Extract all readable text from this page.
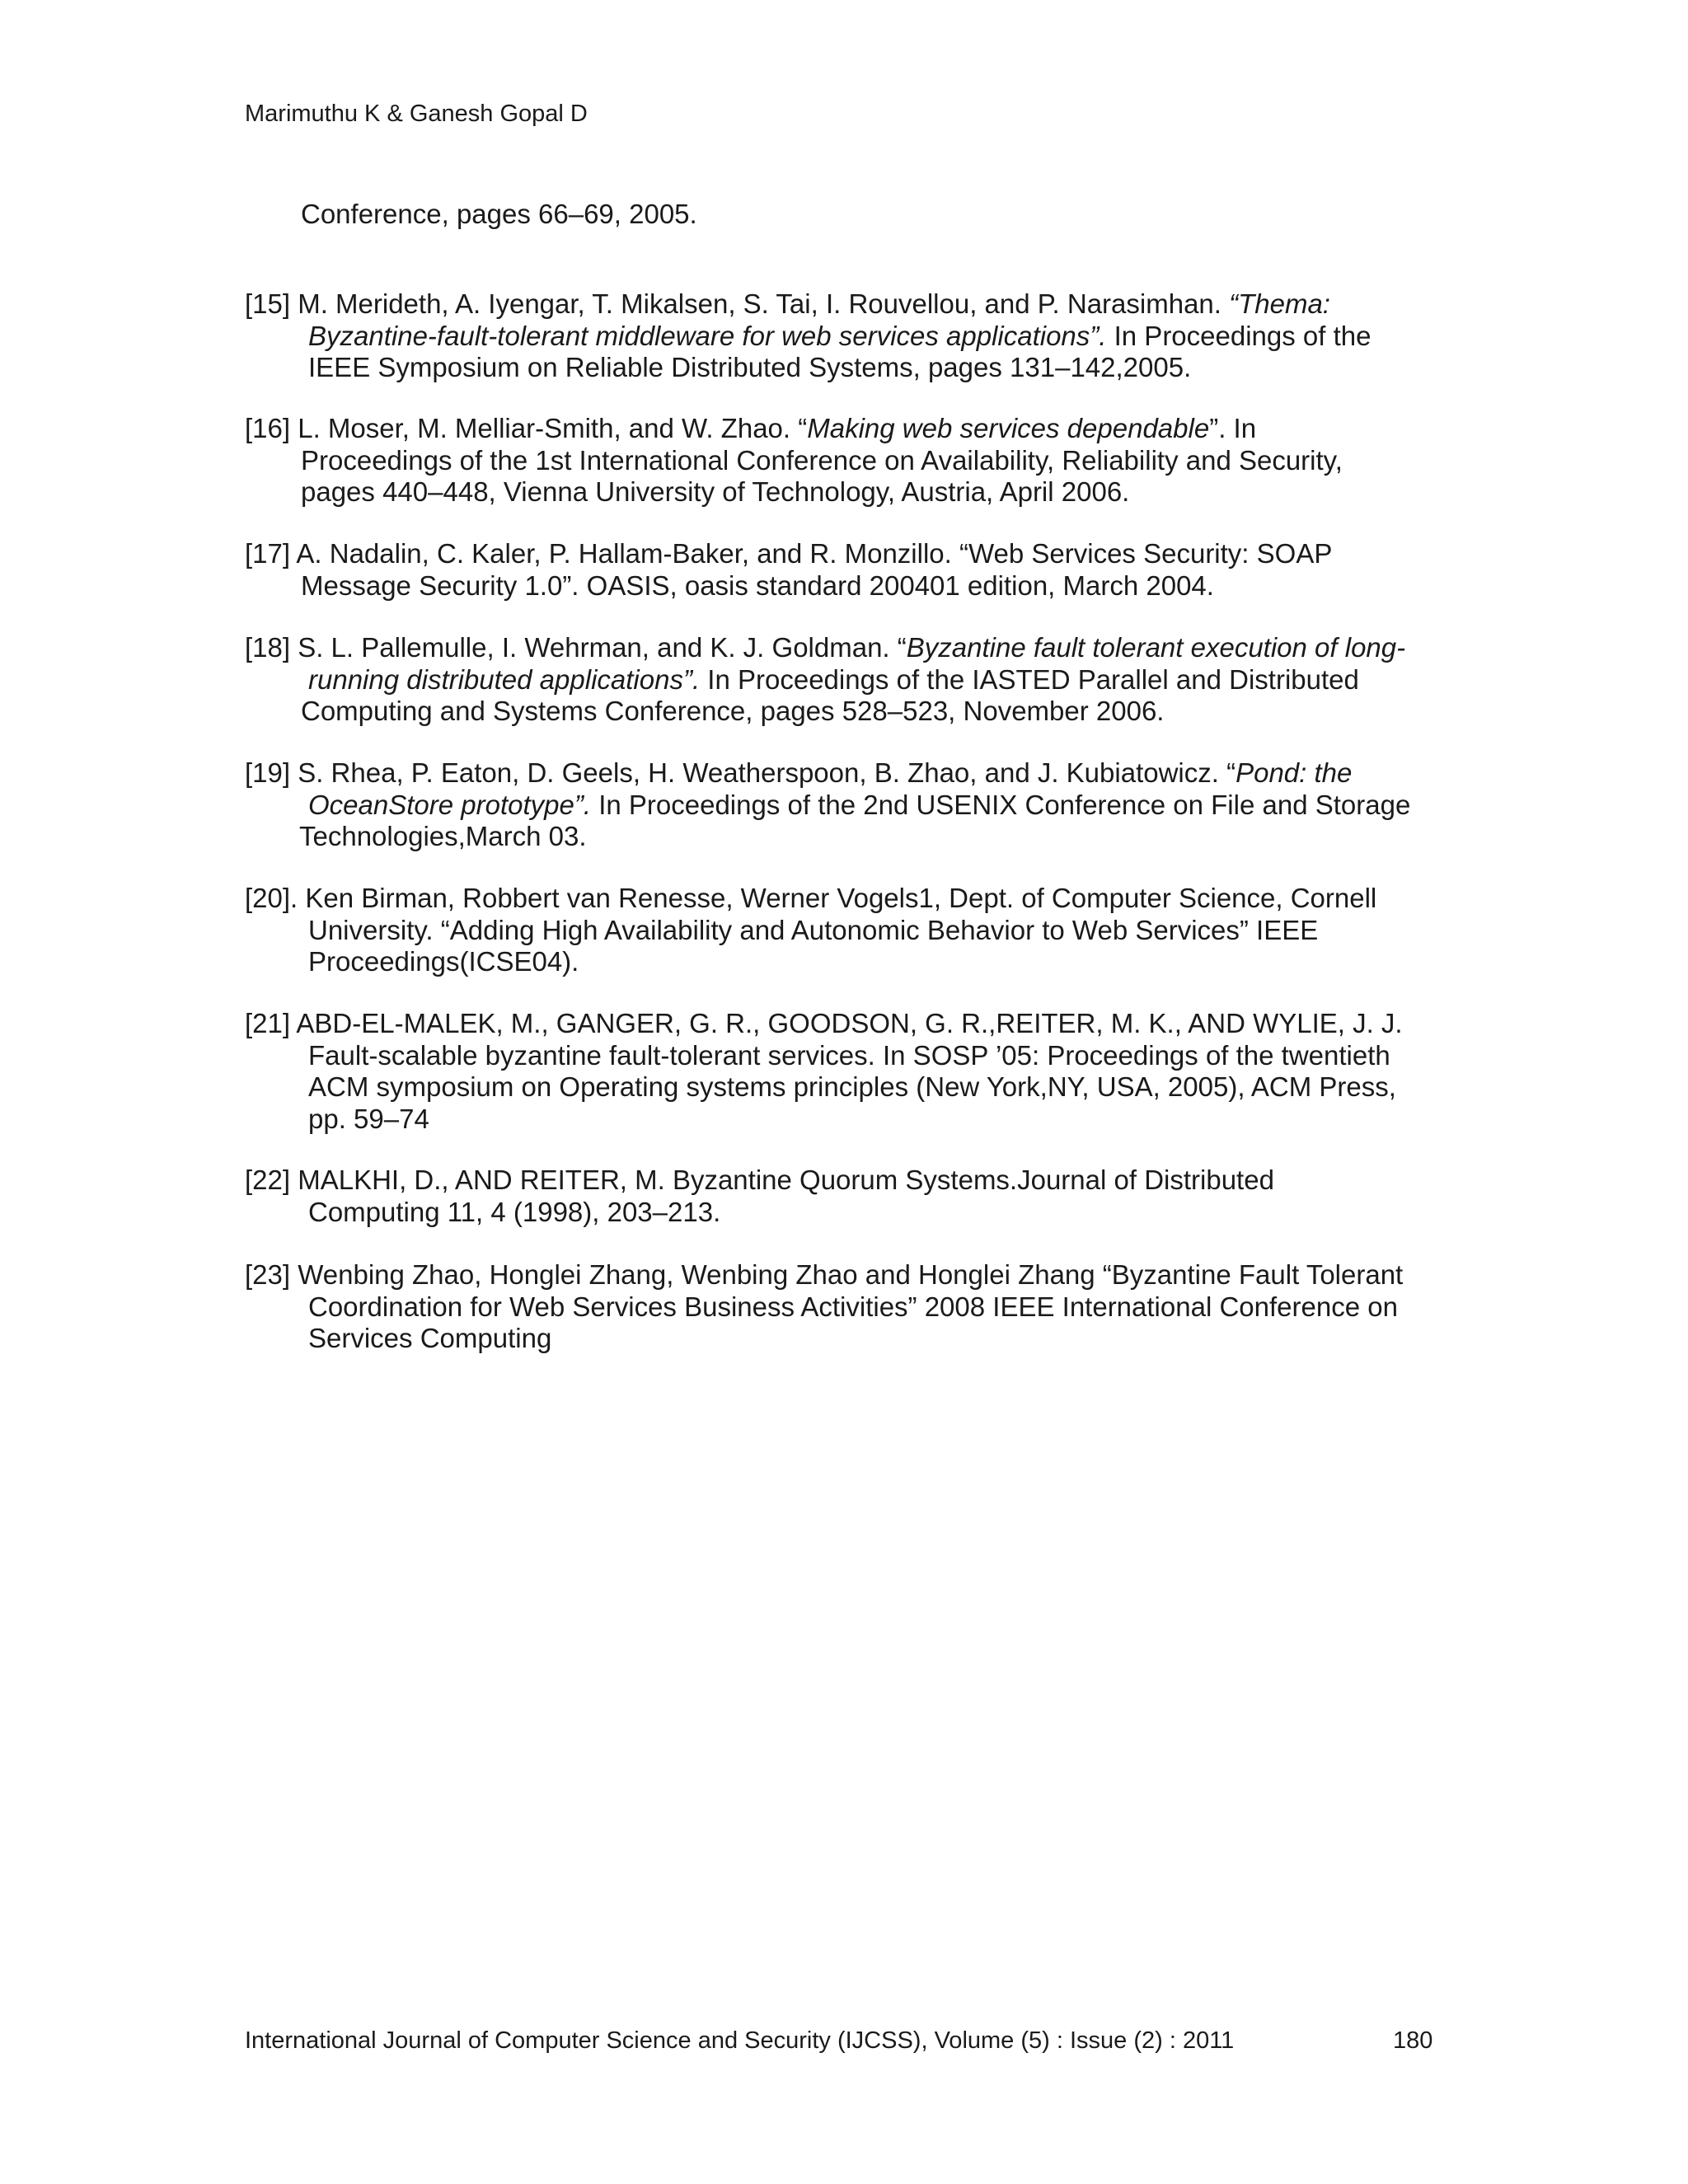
Marimuthu K & Ganesh Gopal D
Conference, pages 66–69, 2005.
[15] M. Merideth, A. Iyengar, T. Mikalsen, S. Tai, I. Rouvellou, and P. Narasimhan. “Thema:
Byzantine-fault-tolerant middleware for web services applications”. In Proceedings of the
IEEE Symposium on Reliable Distributed Systems, pages 131–142,2005.
[16] L. Moser, M. Melliar-Smith, and W. Zhao. “Making web services dependable”. In
Proceedings of the 1st International Conference on Availability, Reliability and Security,
pages 440–448, Vienna University of Technology, Austria, April 2006.
[17] A. Nadalin, C. Kaler, P. Hallam-Baker, and R. Monzillo. “Web Services Security: SOAP
Message Security 1.0”. OASIS, oasis standard 200401 edition, March 2004.
[18] S. L. Pallemulle, I. Wehrman, and K. J. Goldman. “Byzantine fault tolerant execution of long-
running distributed applications”. In Proceedings of the IASTED Parallel and Distributed
Computing and Systems Conference, pages 528–523, November 2006.
[19] S. Rhea, P. Eaton, D. Geels, H. Weatherspoon, B. Zhao, and J. Kubiatowicz. “Pond: the
OceanStore prototype”. In Proceedings of the 2nd USENIX Conference on File and Storage
Technologies,March 03.
[20]. Ken Birman, Robbert van Renesse, Werner Vogels1, Dept. of Computer Science, Cornell
University. “Adding High Availability and Autonomic Behavior to Web Services” IEEE
Proceedings(ICSE04).
[21] ABD-EL-MALEK, M., GANGER, G. R., GOODSON, G. R.,REITER, M. K., AND WYLIE, J. J.
Fault-scalable byzantine fault-tolerant services. In SOSP ’05: Proceedings of the twentieth
ACM symposium on Operating systems principles (New York,NY, USA, 2005), ACM Press,
pp. 59–74
[22] MALKHI, D., AND REITER, M. Byzantine Quorum Systems.Journal of Distributed
Computing 11, 4 (1998), 203–213.
[23] Wenbing Zhao, Honglei Zhang, Wenbing Zhao and Honglei Zhang “Byzantine Fault Tolerant
Coordination for Web Services Business Activities” 2008 IEEE International Conference on
Services Computing
International Journal of Computer Science and Security (IJCSS), Volume (5) : Issue (2) : 2011	180
